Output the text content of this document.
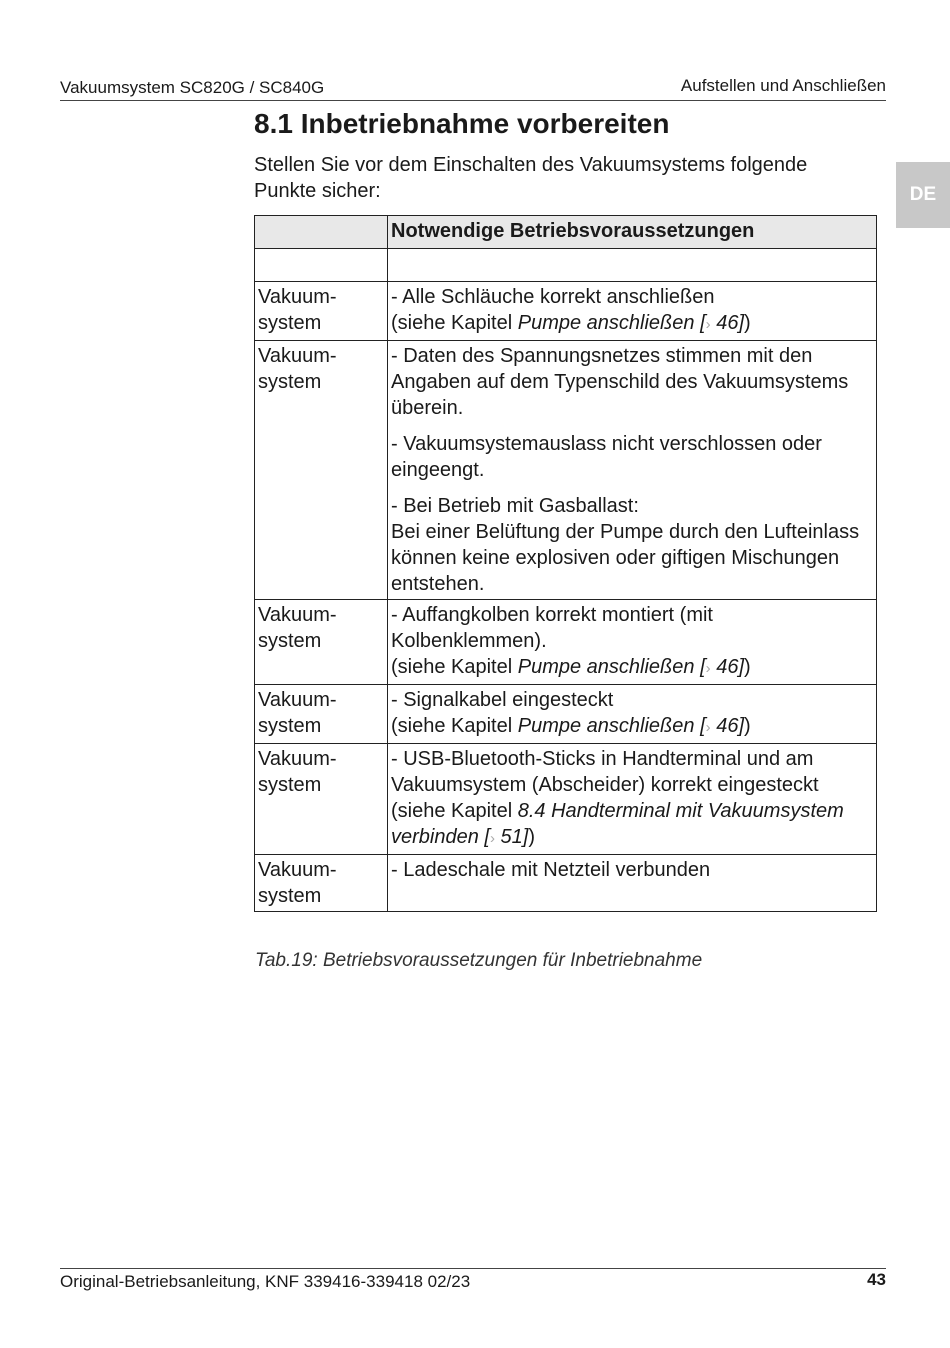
Vakuumsystem SC820G / SC840G	Aufstellen und Anschließen
DE
8.1 Inbetriebnahme vorbereiten

Stellen Sie vor dem Einschalten des Vakuumsystems folgende Punkte sicher:

	Notwendige Betriebsvoraussetzungen

Vakuum-system	- Alle Schläuche korrekt anschließen
(siehe Kapitel Pumpe anschließen [› 46])

Vakuum-system	- Daten des Spannungsnetzes stimmen mit den Angaben auf dem Typenschild des Vakuumsystems überein.
- Vakuumsystemauslass nicht verschlossen oder eingeengt.
- Bei Betrieb mit Gasballast:
Bei einer Belüftung der Pumpe durch den Lufteinlass können keine explosiven oder giftigen Mischungen entstehen.

Vakuum-system	- Auffangkolben korrekt montiert (mit Kolbenklemmen).
(siehe Kapitel Pumpe anschließen [› 46])

Vakuum-system	- Signalkabel eingesteckt
(siehe Kapitel Pumpe anschließen [› 46])

Vakuum-system	- USB-Bluetooth-Sticks in Handterminal und am Vakuumsystem (Abscheider) korrekt eingesteckt
(siehe Kapitel 8.4 Handterminal mit Vakuumsystem verbinden [› 51])

Vakuum-system	- Ladeschale mit Netzteil verbunden
Tab.19: Betriebsvoraussetzungen für Inbetriebnahme
Original-Betriebsanleitung, KNF 339416-339418 02/23	43
